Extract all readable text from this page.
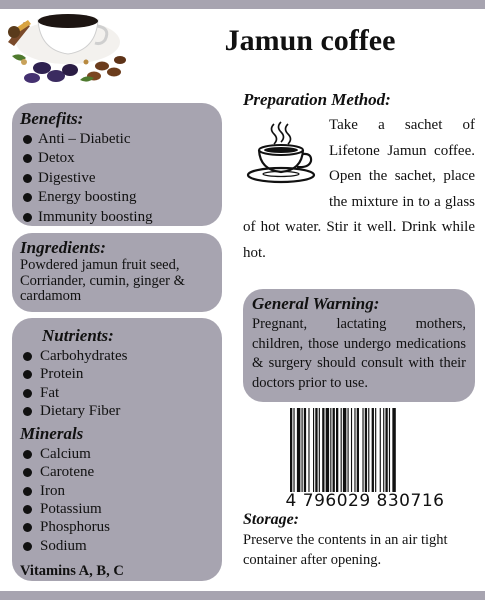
Jamun coffee
Benefits:
Anti – Diabetic
Detox
Digestive
Energy boosting
Immunity boosting
Ingredients:

Powdered jamun fruit seed, Corriander, cumin, ginger & cardamom

Nutrients:
Carbohydrates
Protein
Fat
Dietary Fiber
Minerals
Calcium
Carotene
Iron
Potassium
Phosphorus
Sodium
Vitamins A, B, C
Preparation Method:

Take a sachet of Lifetone Jamun coffee. Open the sachet, place the mixture in to a glass of hot water. Stir it well. Drink while hot.

General Warning:

Pregnant, lactating mothers, children, those undergo medications & surgery should consult with their doctors prior to use.

4 796029 830716

Storage:

Preserve the contents in an air tight container after opening.
